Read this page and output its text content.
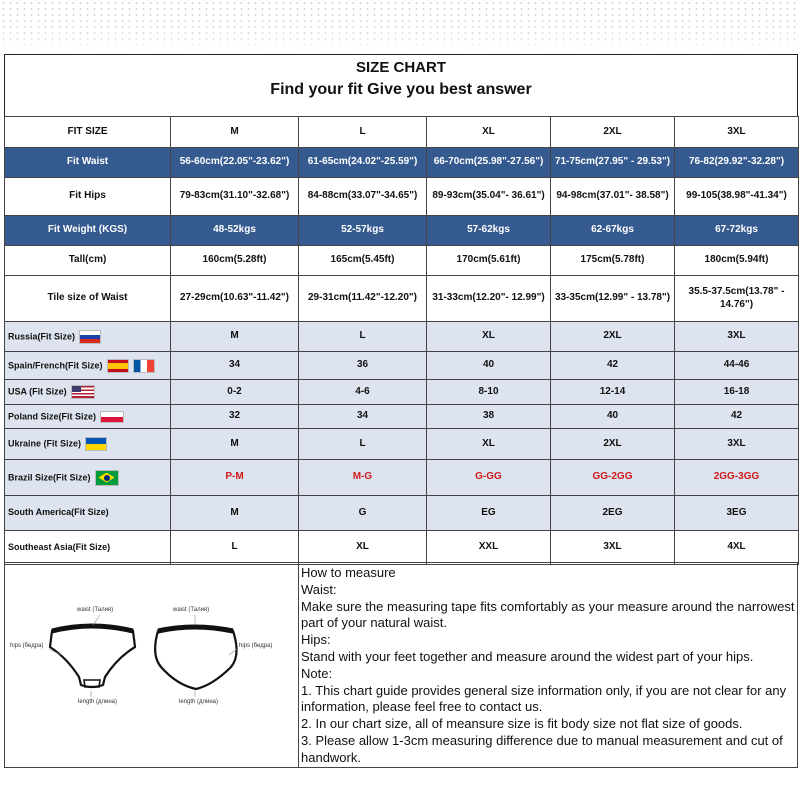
SIZE CHART
Find your fit Give you best answer
FIT SIZE	M	L	XL	2XL	3XL
Fit Waist	56-60cm(22.05"-23.62")	61-65cm(24.02"-25.59")	66-70cm(25.98"-27.56")	71-75cm(27.95" - 29.53")	76-82(29.92"-32.28")
Fit Hips	79-83cm(31.10"-32.68")	84-88cm(33.07"-34.65")	89-93cm(35.04"- 36.61")	94-98cm(37.01"- 38.58")	99-105(38.98"-41.34")
Fit Weight (KGS)	48-52kgs	52-57kgs	57-62kgs	62-67kgs	67-72kgs
Tall(cm)	160cm(5.28ft)	165cm(5.45ft)	170cm(5.61ft)	175cm(5.78ft)	180cm(5.94ft)
Tile size of Waist	27-29cm(10.63"-11.42")	29-31cm(11.42"-12.20")	31-33cm(12.20"- 12.99")	33-35cm(12.99" - 13.78")	35.5-37.5cm(13.78" - 14.76")
Russia(Fit Size)	M	L	XL	2XL	3XL
Spain/French(Fit Size)	34	36	40	42	44-46
USA (Fit Size)	0-2	4-6	8-10	12-14	16-18
Poland Size(Fit Size)	32	34	38	40	42
Ukraine (Fit Size)	M	L	XL	2XL	3XL
Brazil Size(Fit Size)	P-M	M-G	G-GG	GG-2GG	2GG-3GG
South America(Fit Size)	M	G	EG	2EG	3EG
Southeast Asia(Fit Size)	L	XL	XXL	3XL	4XL
waist (Талия)	waist (Талия)
hips (бедра)	hips (бедра)
length (длина)	length (длина)
How to measure
Waist:
Make sure the measuring tape fits comfortably as your measure around the narrowest part of your natural waist.
Hips:
Stand with your feet together and measure around the widest part of your hips.
Note:
1. This chart guide provides general size information only, if you are not clear for any information, please feel free to contact us.
2. In our chart size, all of meansure size is fit body size not flat size of goods.
3. Please allow 1-3cm measuring difference due to manual measurement and cut of handwork.
